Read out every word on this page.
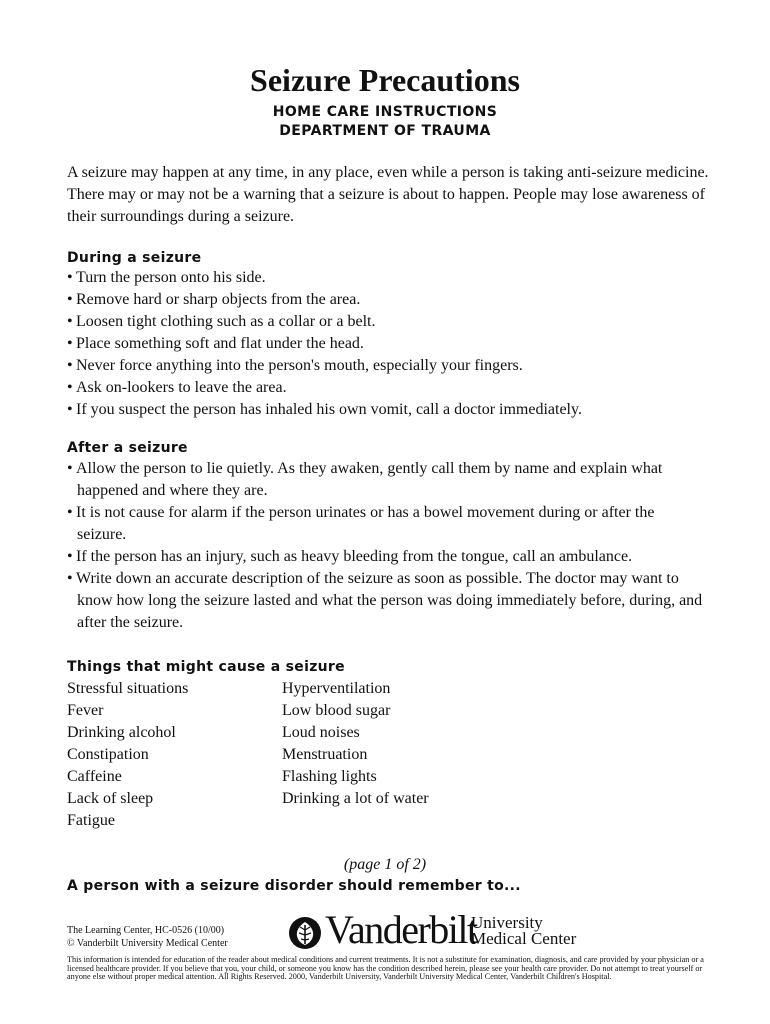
Seizure Precautions
HOME CARE INSTRUCTIONS
DEPARTMENT OF TRAUMA
A seizure may happen at any time, in any place, even while a person is taking anti-seizure medicine. There may or may not be a warning that a seizure is about to happen. People may lose awareness of their surroundings during a seizure.
During a seizure
• Turn the person onto his side.
• Remove hard or sharp objects from the area.
• Loosen tight clothing such as a collar or a belt.
• Place something soft and flat under the head.
• Never force anything into the person's mouth, especially your fingers.
• Ask on-lookers to leave the area.
• If you suspect the person has inhaled his own vomit, call a doctor immediately.
After a seizure
• Allow the person to lie quietly. As they awaken, gently call them by name and explain what happened and where they are.
• It is not cause for alarm if the person urinates or has a bowel movement during or after the seizure.
• If the person has an injury, such as heavy bleeding from the tongue, call an ambulance.
• Write down an accurate description of the seizure as soon as possible. The doctor may want to know how long the seizure lasted and what the person was doing immediately before, during, and after the seizure.
Things that might cause a seizure
Stressful situations
Fever
Drinking alcohol
Constipation
Caffeine
Lack of sleep
Fatigue
Hyperventilation
Low blood sugar
Loud noises
Menstruation
Flashing lights
Drinking a lot of water
(page 1 of 2)
A person with a seizure disorder should remember to...
The Learning Center, HC-0526 (10/00)
© Vanderbilt University Medical Center Vanderbilt
University
Medical Center
This information is intended for education of the reader about medical conditions and current treatments. It is not a substitute for examination, diagnosis, and care provided by your physician or a licensed healthcare provider. If you believe that you, your child, or someone you know has the condition described herein, please see your health care provider. Do not attempt to treat yourself or anyone else without proper medical attention. All Rights Reserved. 2000, Vanderbilt University, Vanderbilt University Medical Center, Vanderbilt Children's Hospital.
